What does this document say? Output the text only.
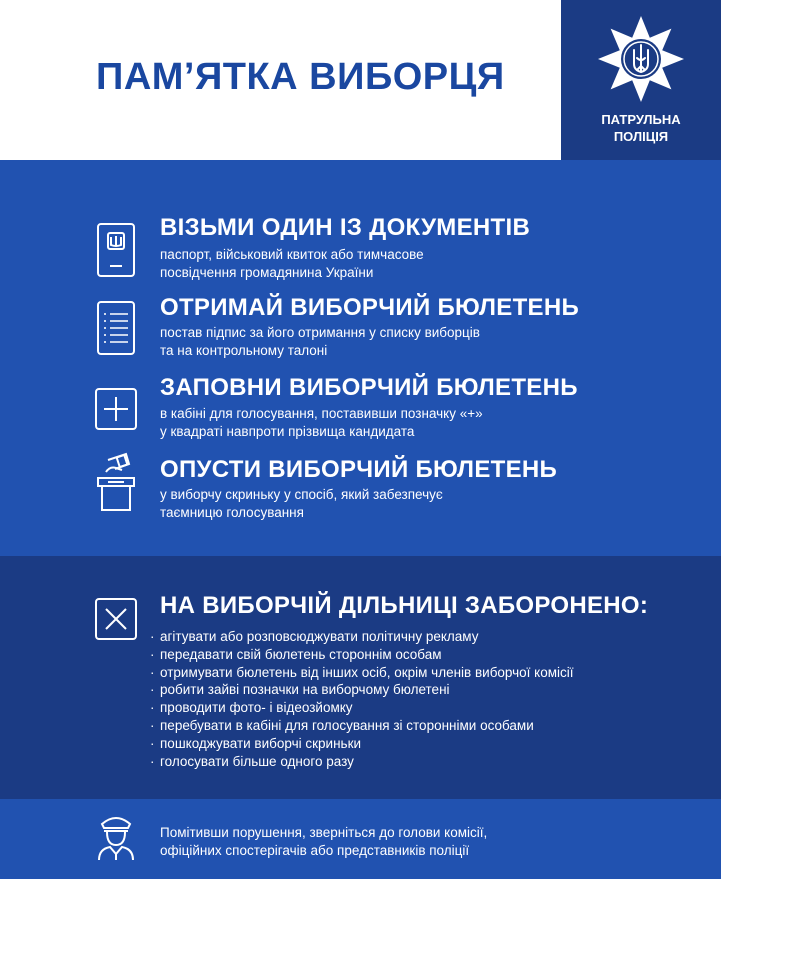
ПАМ’ЯТКА ВИБОРЦЯ
ПАТРУЛЬНА
ПОЛІЦІЯ
ВІЗЬМИ ОДИН ІЗ ДОКУМЕНТІВ
паспорт, військовий квиток або тимчасове
посвідчення громадянина України
ОТРИМАЙ ВИБОРЧИЙ БЮЛЕТЕНЬ
постав підпис за його отримання у списку виборців
та на контрольному талоні
ЗАПОВНИ ВИБОРЧИЙ БЮЛЕТЕНЬ
в кабіні для голосування, поставивши позначку «+»
у квадраті навпроти прізвища кандидата
ОПУСТИ ВИБОРЧИЙ БЮЛЕТЕНЬ
у виборчу скриньку у спосіб, який забезпечує
таємницю голосування
НА ВИБОРЧІЙ ДІЛЬНИЦІ ЗАБОРОНЕНО:
· агітувати або розповсюджувати політичну рекламу
· передавати свій бюлетень стороннім особам
· отримувати бюлетень від інших осіб, окрім членів виборчої комісії
· робити зайві позначки на виборчому бюлетені
· проводити фото- і відеозйомку
· перебувати в кабіні для голосування зі сторонніми особами
· пошкоджувати виборчі скриньки
· голосувати більше одного разу
Помітивши порушення, зверніться до голови комісії,
офіційних спостерігачів або представників поліції
